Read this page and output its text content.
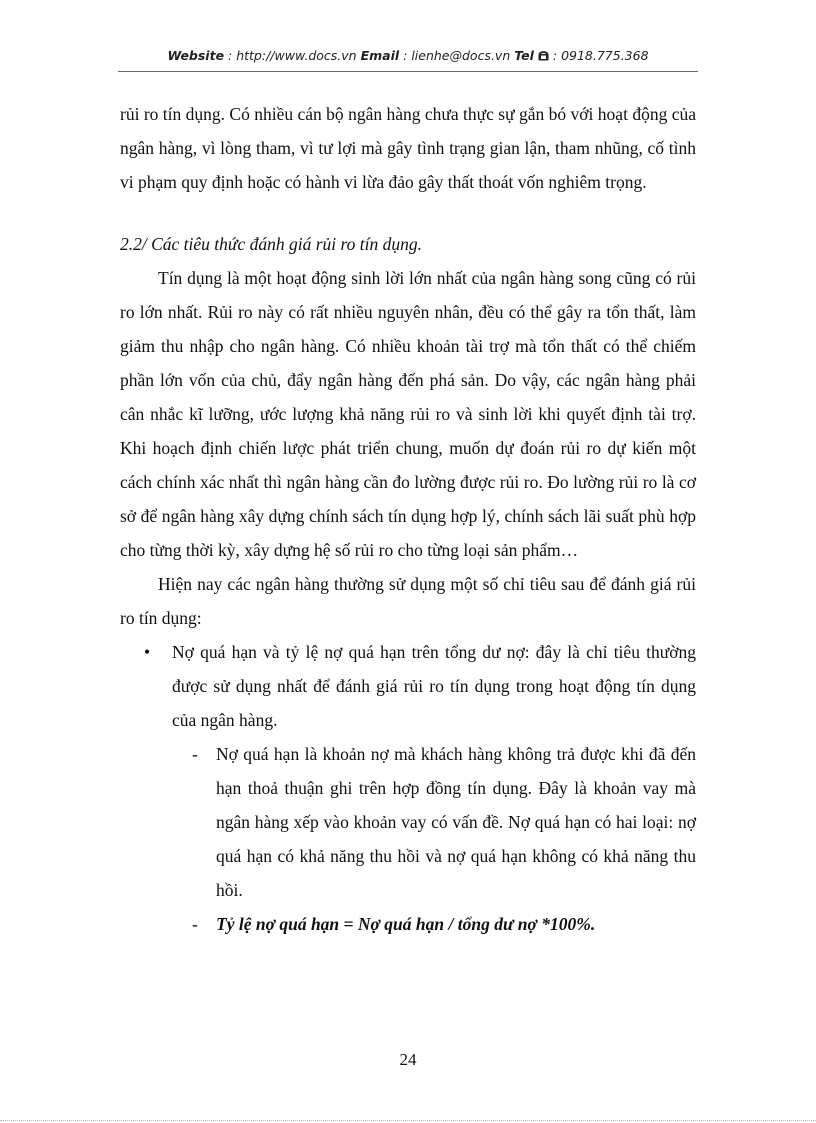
Website : http://www.docs.vn Email : lienhe@docs.vn Tel  : 0918.775.368

rủi ro tín dụng. Có nhiều cán bộ ngân hàng chưa thực sự gắn bó với hoạt động của ngân hàng, vì lòng tham, vì tư lợi mà gây tình trạng gian lận, tham nhũng, cố tình vi phạm quy định hoặc có hành vi lừa đảo gây thất thoát vốn nghiêm trọng.

2.2/ Các tiêu thức đánh giá rủi ro tín dụng.

Tín dụng là một hoạt động sinh lời lớn nhất của ngân hàng song cũng có rủi ro lớn nhất. Rủi ro này có rất nhiều nguyên nhân, đều có thể gây ra tổn thất, làm giảm thu nhập cho ngân hàng. Có nhiều khoản tài trợ mà tổn thất có thể chiếm phần lớn vốn của chủ, đẩy ngân hàng đến phá sản. Do vậy, các ngân hàng phải cân nhắc kĩ lưỡng, ước lượng khả năng rủi ro và sinh lời khi quyết định tài trợ. Khi hoạch định chiến lược phát triển chung, muốn dự đoán rủi ro dự kiến một cách chính xác nhất thì ngân hàng cần đo lường được rủi ro. Đo lường rủi ro là cơ sở để ngân hàng xây dựng chính sách tín dụng hợp lý, chính sách lãi suất phù hợp cho từng thời kỳ, xây dựng hệ số rủi ro cho từng loại sản phẩm…

Hiện nay các ngân hàng thường sử dụng một số chỉ tiêu sau để đánh giá rủi ro tín dụng:

• Nợ quá hạn và tỷ lệ nợ quá hạn trên tổng dư nợ: đây là chỉ tiêu thường được sử dụng nhất để đánh giá rủi ro tín dụng trong hoạt động tín dụng của ngân hàng.

- Nợ quá hạn là khoản nợ mà khách hàng không trả được khi đã đến hạn thoả thuận ghi trên hợp đồng tín dụng. Đây là khoản vay mà ngân hàng xếp vào khoản vay có vấn đề. Nợ quá hạn có hai loại: nợ quá hạn có khả năng thu hồi và nợ quá hạn không có khả năng thu hồi.

- Tỷ lệ nợ quá hạn = Nợ quá hạn / tổng dư nợ *100%.

24
